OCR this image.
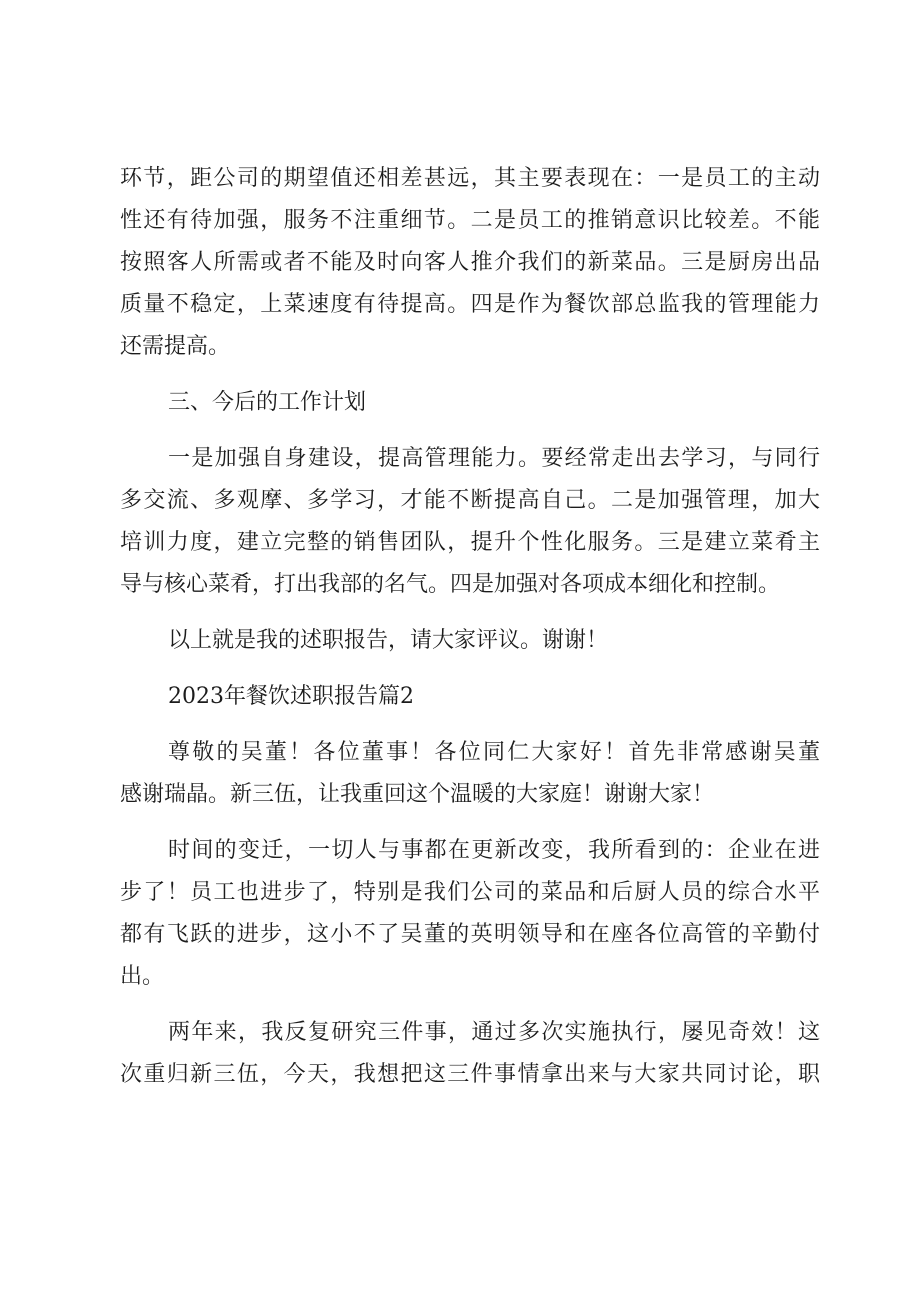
环节，距公司的期望值还相差甚远，其主要表现在：一是员工的主动
性还有待加强，服务不注重细节。二是员工的推销意识比较差。不能
按照客人所需或者不能及时向客人推介我们的新菜品。三是厨房出品
质量不稳定，上菜速度有待提高。四是作为餐饮部总监我的管理能力
还需提高。
三、今后的工作计划
一是加强自身建设，提高管理能力。要经常走出去学习，与同行
多交流、多观摩、多学习，才能不断提高自己。二是加强管理，加大
培训力度，建立完整的销售团队，提升个性化服务。三是建立菜肴主
导与核心菜肴，打出我部的名气。四是加强对各项成本细化和控制。
以上就是我的述职报告，请大家评议。谢谢！
2023年餐饮述职报告篇2
尊敬的吴董！各位董事！各位同仁大家好！首先非常感谢吴董
感谢瑞晶。新三伍，让我重回这个温暖的大家庭！谢谢大家！
时间的变迁，一切人与事都在更新改变，我所看到的：企业在进
步了！员工也进步了，特别是我们公司的菜品和后厨人员的综合水平
都有飞跃的进步，这小不了吴董的英明领导和在座各位高管的辛勤付
出。
两年来，我反复研究三件事，通过多次实施执行，屡见奇效！这
次重归新三伍，今天，我想把这三件事情拿出来与大家共同讨论，职
